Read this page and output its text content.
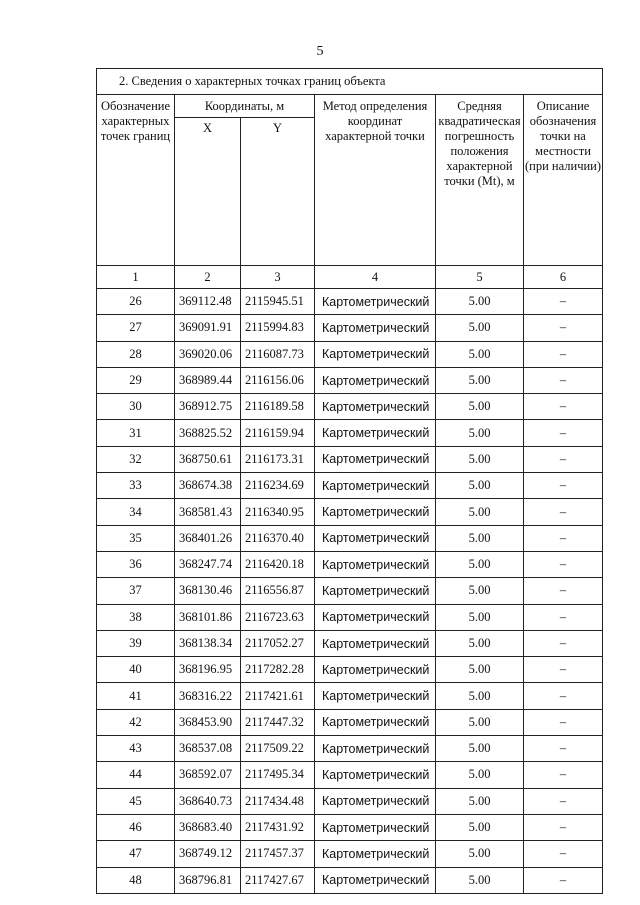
5
2. Сведения о характерных точках границ объекта					
Обозначение характерных точек границ	Координаты, м		Метод определения координат характерной точки	Средняя квадратическая погрешность положения характерной точки (Mt), м	Описание обозначения точки на местности (при наличии)
	X	Y			
1	2	3	4	5	6
26	369112.48	2115945.51	Картометрический	5.00	–
27	369091.91	2115994.83	Картометрический	5.00	–
28	369020.06	2116087.73	Картометрический	5.00	–
29	368989.44	2116156.06	Картометрический	5.00	–
30	368912.75	2116189.58	Картометрический	5.00	–
31	368825.52	2116159.94	Картометрический	5.00	–
32	368750.61	2116173.31	Картометрический	5.00	–
33	368674.38	2116234.69	Картометрический	5.00	–
34	368581.43	2116340.95	Картометрический	5.00	–
35	368401.26	2116370.40	Картометрический	5.00	–
36	368247.74	2116420.18	Картометрический	5.00	–
37	368130.46	2116556.87	Картометрический	5.00	–
38	368101.86	2116723.63	Картометрический	5.00	–
39	368138.34	2117052.27	Картометрический	5.00	–
40	368196.95	2117282.28	Картометрический	5.00	–
41	368316.22	2117421.61	Картометрический	5.00	–
42	368453.90	2117447.32	Картометрический	5.00	–
43	368537.08	2117509.22	Картометрический	5.00	–
44	368592.07	2117495.34	Картометрический	5.00	–
45	368640.73	2117434.48	Картометрический	5.00	–
46	368683.40	2117431.92	Картометрический	5.00	–
47	368749.12	2117457.37	Картометрический	5.00	–
48	368796.81	2117427.67	Картометрический	5.00	–
